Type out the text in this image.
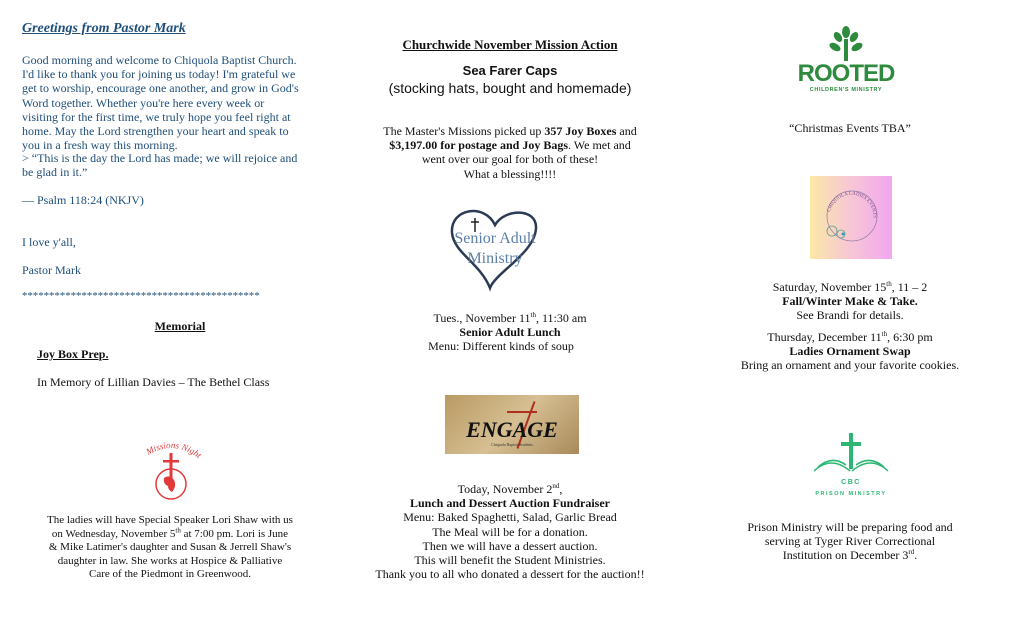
Greetings from Pastor Mark
Good morning and welcome to Chiquola Baptist Church. I'd like to thank you for joining us today! I'm grateful we get to worship, encourage one another, and grow in God's Word together. Whether you're here every week or visiting for the first time, we truly hope you feel right at home. May the Lord strengthen your heart and speak to you in a fresh way this morning.
> “This is the day the Lord has made; we will rejoice and be glad in it.”
— Psalm 118:24 (NKJV)
I love y'all,
Pastor Mark
********************************************
Memorial
Joy Box Prep.
In Memory of Lillian Davies – The Bethel Class
Missions Night
The ladies will have Special Speaker Lori Shaw with us
on Wednesday, November 5th at 7:00 pm. Lori is June
& Mike Latimer's daughter and Susan & Jerrell Shaw's
daughter in law. She works at Hospice & Palliative
Care of the Piedmont in Greenwood.
Churchwide November Mission Action
Sea Farer Caps
(stocking hats, bought and homemade)
The Master's Missions picked up 357 Joy Boxes and
$3,197.00 for postage and Joy Bags. We met and
went over our goal for both of these!
What a blessing!!!!
Senior Adult
Ministry
Tues., November 11th, 11:30 am
Senior Adult Lunch
Menu: Different kinds of soup
ENGAGE
Chiquola Baptist Students
Today, November 2nd,
Lunch and Dessert Auction Fundraiser
Menu: Baked Spaghetti, Salad, Garlic Bread
The Meal will be for a donation.
Then we will have a dessert auction.
This will benefit the Student Ministries.
Thank you to all who donated a dessert for the auction!!
ROOTED
CHILDREN'S MINISTRY
“Christmas Events TBA”
CHIQUOLA LADIES EVENTS
Saturday, November 15th, 11 – 2
Fall/Winter Make & Take.
See Brandi for details.
Thursday, December 11th, 6:30 pm
Ladies Ornament Swap
Bring an ornament and your favorite cookies.
CBC
PRISON MINISTRY
Prison Ministry will be preparing food and
serving at Tyger River Correctional
Institution on December 3rd.
